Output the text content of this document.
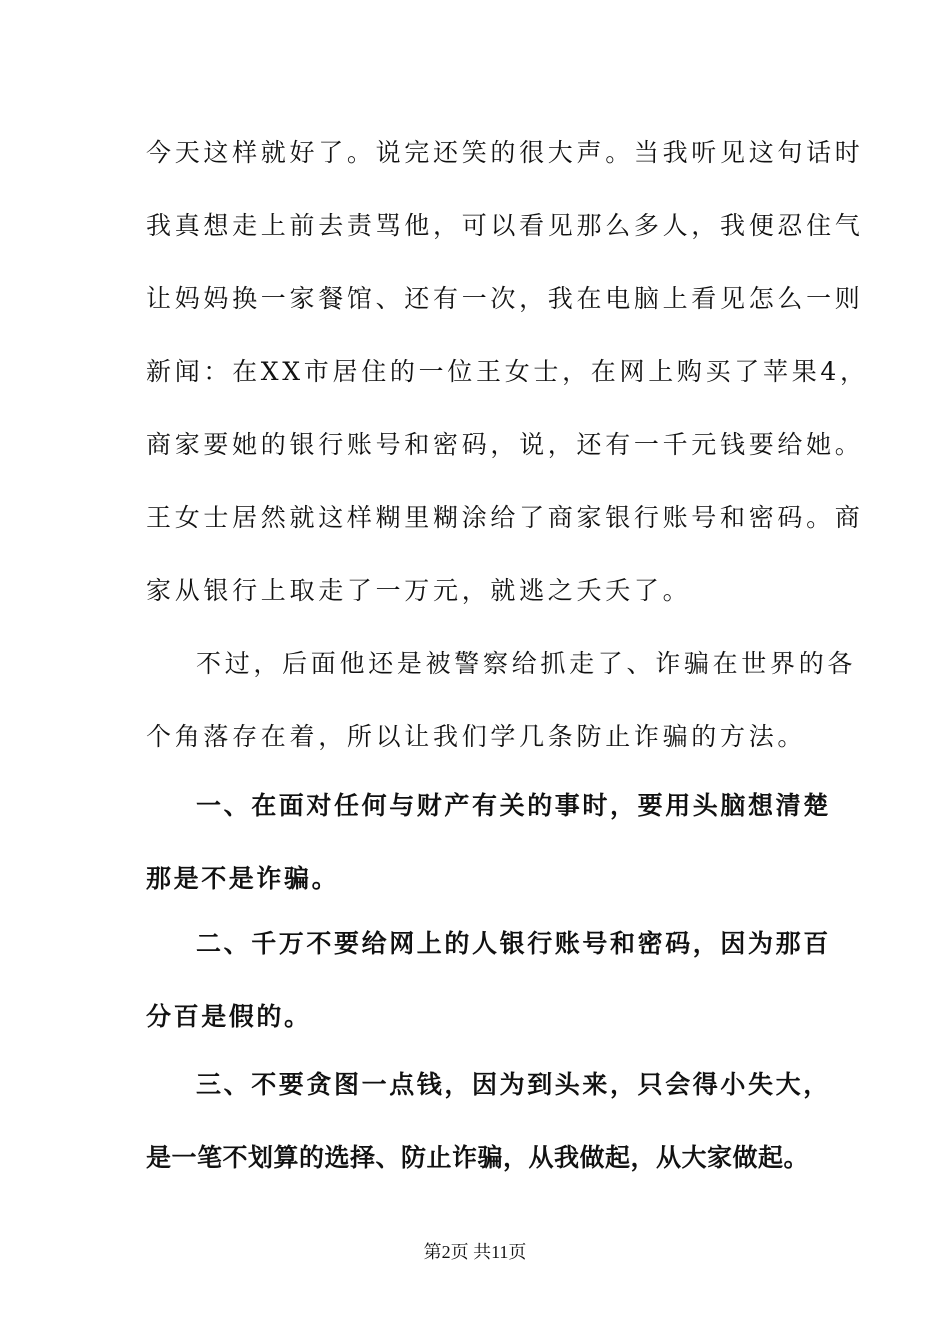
今天这样就好了。说完还笑的很大声。当我听见这句话时
我真想走上前去责骂他，可以看见那么多人，我便忍住气
让妈妈换一家餐馆、还有一次，我在电脑上看见怎么一则
新闻：在XX市居住的一位王女士，在网上购买了苹果4，
商家要她的银行账号和密码，说，还有一千元钱要给她。
王女士居然就这样糊里糊涂给了商家银行账号和密码。商
家从银行上取走了一万元，就逃之夭夭了。
不过，后面他还是被警察给抓走了、诈骗在世界的各
个角落存在着，所以让我们学几条防止诈骗的方法。
一、在面对任何与财产有关的事时，要用头脑想清楚
那是不是诈骗。
二、千万不要给网上的人银行账号和密码，因为那百
分百是假的。
三、不要贪图一点钱，因为到头来，只会得小失大，
是一笔不划算的选择、防止诈骗，从我做起，从大家做起。
第2页 共11页
